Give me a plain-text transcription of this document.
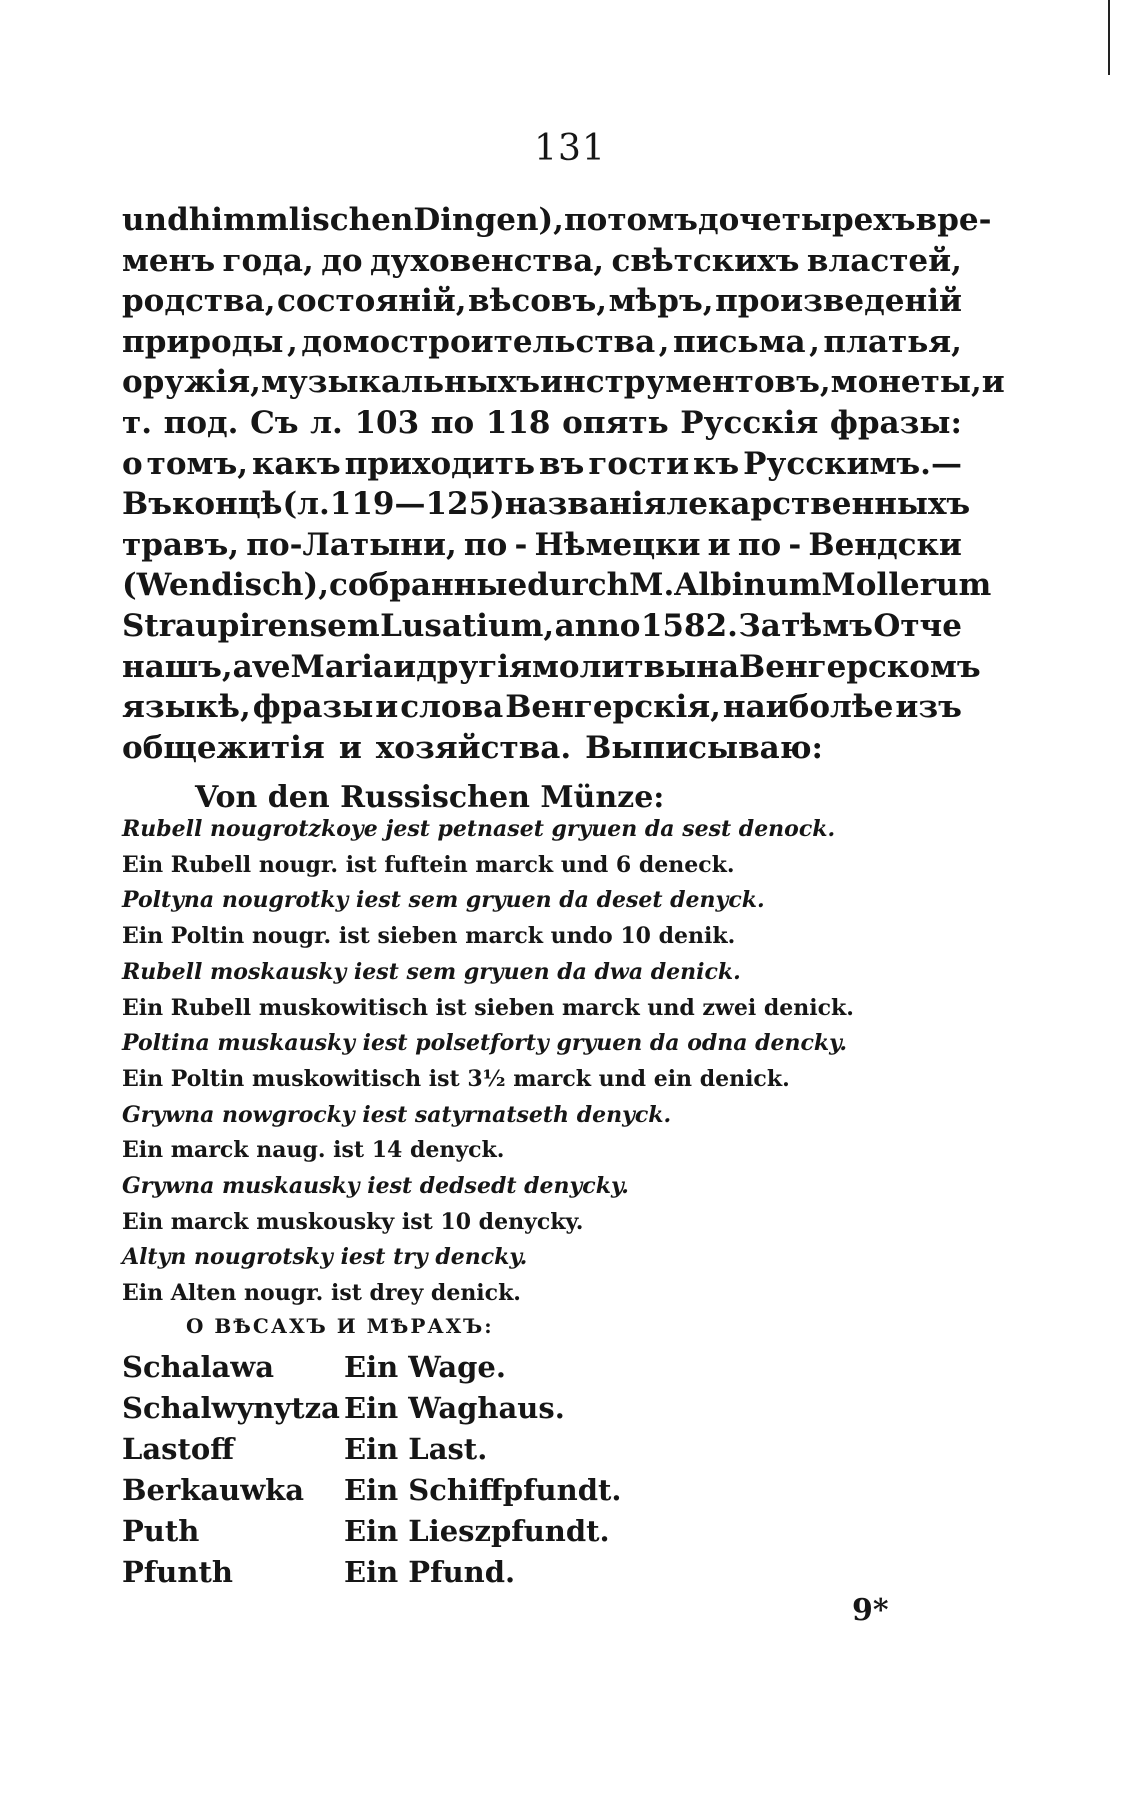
131
und himmlischen Dingen), потомъ до четырехъ вре-
менъ года, до духовенства, свѣтскихъ властей,
родства, состояній, вѣсовъ, мѣръ, произведеній
природы , домостроительства , письма , платья,
оружія, музыкальныхъ инструментовъ, монеты, и
т. под. Съ л. 103 по 118 опять Русскія фразы:
о томъ, какъ приходить въ гости къ Русскимъ.—
Въ концѣ (л. 119—125) названія лекарственныхъ
травъ, по-Латыни, по - Нѣмецки и по - Вендски
(Wendisch) , собранные durch M. Albinum Mollerum
Straupirensem Lusatium, anno 1582. За тѣмъ Отче
нашъ, ave Maria и другія молитвы на Венгерскомъ
языкѣ, фразы и слова Венгерскія, наиболѣе изъ
общежитія и хозяйства. Выписываю:
Von den Russischen Münze:
Rubell nougrotzkoye jest petnaset gryuen da sest denock.
Ein Rubell nougr. ist fuftein marck und 6 deneck.
Poltyna nougrotky iest sem gryuen da deset denyck.
Ein Poltin nougr. ist sieben marck undo 10 denik.
Rubell moskausky iest sem gryuen da dwa denick.
Ein Rubell muskowitisch ist sieben marck und zwei denick.
Poltina muskausky iest polsetforty gryuen da odna dencky.
Ein Poltin muskowitisch ist 3½ marck und ein denick.
Grywna nowgrocky iest satyrnatseth denyck.
Ein marck naug. ist 14 denyck.
Grywna muskausky iest dedsedt denycky.
Ein marck muskousky ist 10 denycky.
Altyn nougrotsky iest try dencky.
Ein Alten nougr. ist drey denick.
О ВѢСАХЪ И МѢРАХЪ:
Schalawa	Ein Wage.
Schalwynytza Ein Waghaus.
Lastoff	Ein Last.
Berkauwka	Ein Schiffpfundt.
Puth	Ein Lieszpfundt.
Pfunth	Ein Pfund.
9*
